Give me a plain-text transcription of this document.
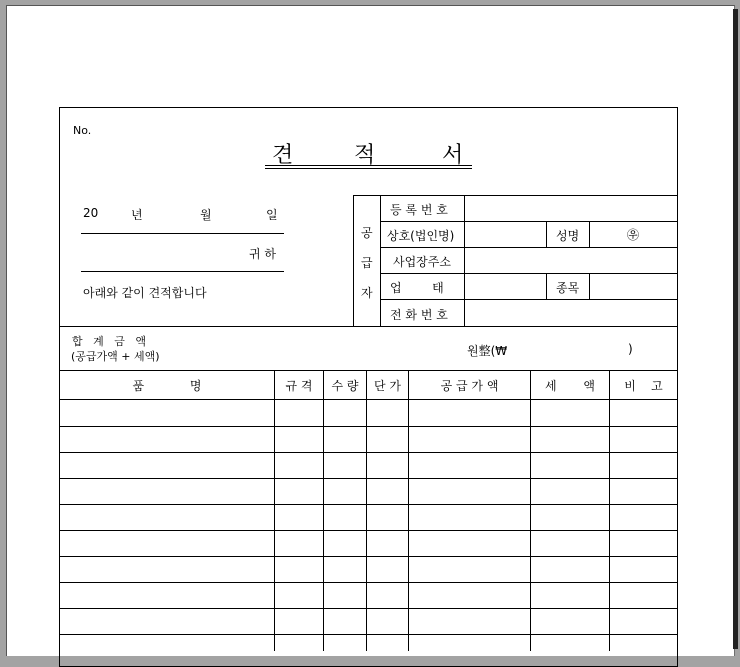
No.
견	적	서
20	년	월	일
귀 하
아래와 같이 견적합니다
공
급
자
등 록 번 호
상호(법인명)	성명	㉾
사업장주소
업        태	종목
전 화 번 호
합   계   금   액
(공급가액 + 세액)	원整(₩	)
품            명	규 격	수 량	단 가	공 급 가 액	세       액	비    고
